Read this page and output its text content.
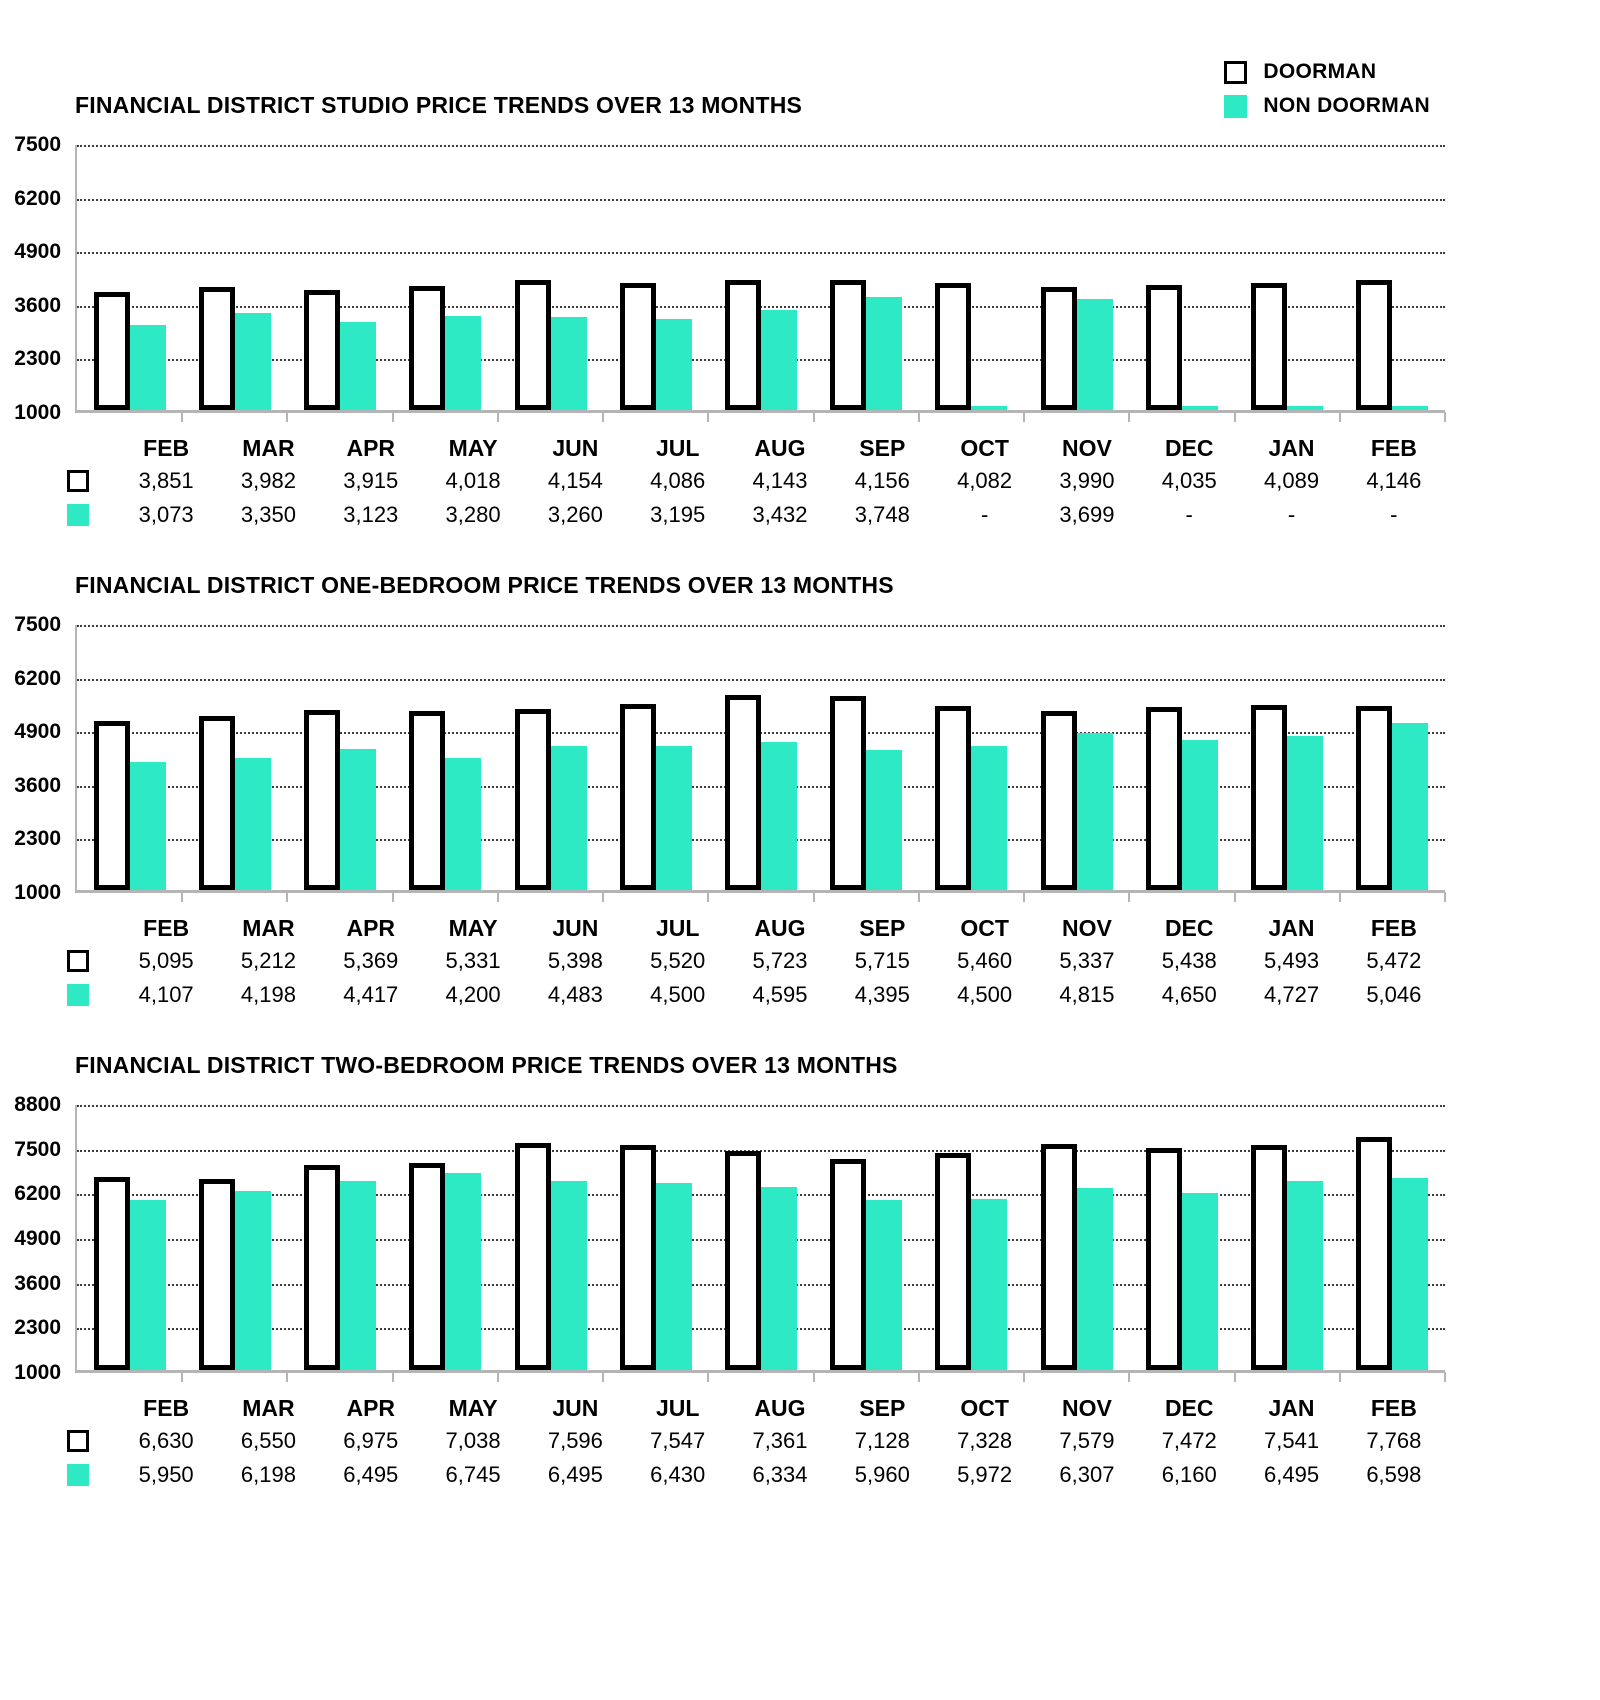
DOORMAN
NON DOORMAN
FINANCIAL DISTRICT STUDIO PRICE TRENDS OVER 13 MONTHS
7500
6200
4900
3600
2300
1000
FEB	MAR	APR	MAY	JUN	JUL	AUG	SEP	OCT	NOV	DEC	JAN	FEB
3,851	3,982	3,915	4,018	4,154	4,086	4,143	4,156	4,082	3,990	4,035	4,089	4,146
3,073	3,350	3,123	3,280	3,260	3,195	3,432	3,748	-	3,699	-	-	-
FINANCIAL DISTRICT ONE-BEDROOM PRICE TRENDS OVER 13 MONTHS
7500
6200
4900
3600
2300
1000
FEB	MAR	APR	MAY	JUN	JUL	AUG	SEP	OCT	NOV	DEC	JAN	FEB
5,095	5,212	5,369	5,331	5,398	5,520	5,723	5,715	5,460	5,337	5,438	5,493	5,472
4,107	4,198	4,417	4,200	4,483	4,500	4,595	4,395	4,500	4,815	4,650	4,727	5,046
FINANCIAL DISTRICT TWO-BEDROOM PRICE TRENDS OVER 13 MONTHS
8800
7500
6200
4900
3600
2300
1000
FEB	MAR	APR	MAY	JUN	JUL	AUG	SEP	OCT	NOV	DEC	JAN	FEB
6,630	6,550	6,975	7,038	7,596	7,547	7,361	7,128	7,328	7,579	7,472	7,541	7,768
5,950	6,198	6,495	6,745	6,495	6,430	6,334	5,960	5,972	6,307	6,160	6,495	6,598
